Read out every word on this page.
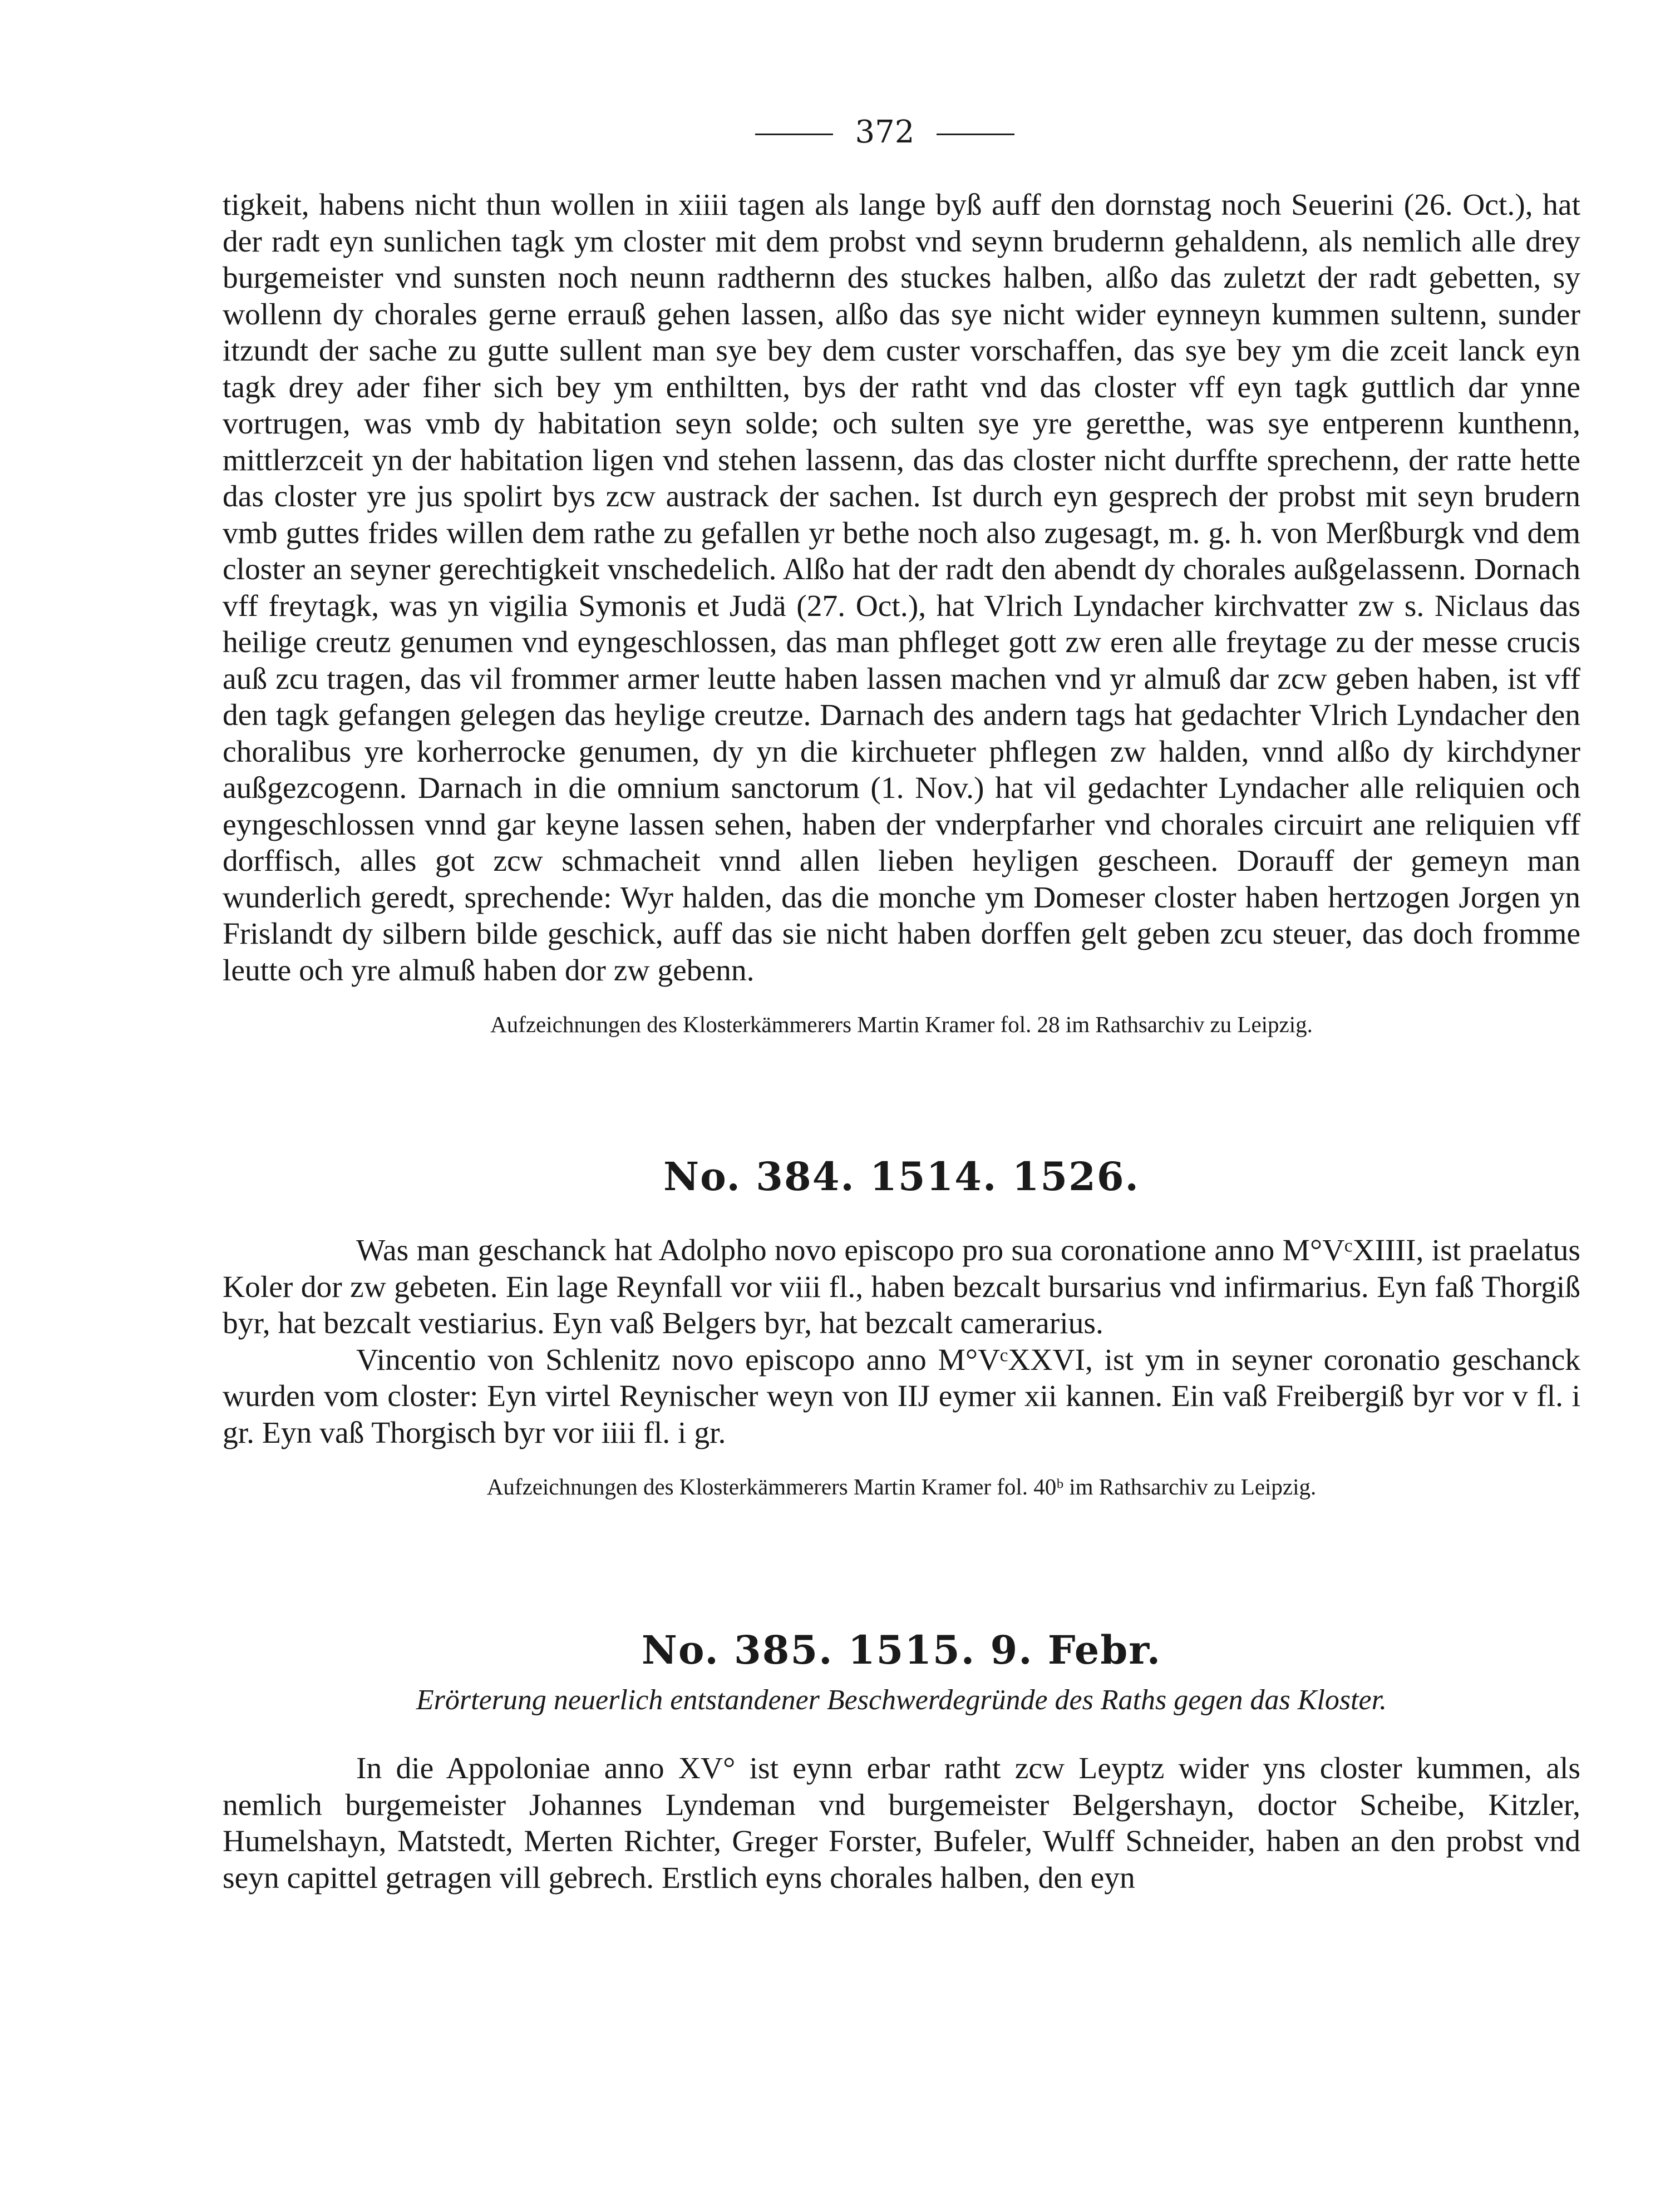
372

tigkeit, habens nicht thun wollen in xiiii tagen als lange byß auff den dornstag noch Seuerini (26. Oct.), hat der radt eyn sunlichen tagk ym closter mit dem probst vnd seynn brudernn gehaldenn, als nemlich alle drey burgemeister vnd sunsten noch neunn radthernn des stuckes halben, alßo das zuletzt der radt gebetten, sy wollenn dy chorales gerne errauß gehen lassen, alßo das sye nicht wider eynneyn kummen sultenn, sunder itzundt der sache zu gutte sullent man sye bey dem custer vorschaffen, das sye bey ym die zceit lanck eyn tagk drey ader fiher sich bey ym enthiltten, bys der ratht vnd das closter vff eyn tagk guttlich dar ynne vortrugen, was vmb dy habitation seyn solde; och sulten sye yre geretthe, was sye entperenn kunthenn, mittlerzceit yn der habitation ligen vnd stehen lassenn, das das closter nicht durffte sprechenn, der ratte hette das closter yre jus spolirt bys zcw austrack der sachen. Ist durch eyn gesprech der probst mit seyn brudern vmb guttes frides willen dem rathe zu gefallen yr bethe noch also zugesagt, m. g. h. von Merßburgk vnd dem closter an seyner gerechtigkeit vnschedelich. Alßo hat der radt den abendt dy chorales außgelassenn. Dornach vff freytagk, was yn vigilia Symonis et Judä (27. Oct.), hat Vlrich Lyndacher kirchvatter zw s. Niclaus das heilige creutz genumen vnd eyngeschlossen, das man phfleget gott zw eren alle freytage zu der messe crucis auß zcu tragen, das vil frommer armer leutte haben lassen machen vnd yr almuß dar zcw geben haben, ist vff den tagk gefangen gelegen das heylige creutze. Darnach des andern tags hat gedachter Vlrich Lyndacher den choralibus yre korherrocke genumen, dy yn die kirchueter phflegen zw halden, vnnd alßo dy kirchdyner außgezcogenn. Darnach in die omnium sanctorum (1. Nov.) hat vil gedachter Lyndacher alle reliquien och eyngeschlossen vnnd gar keyne lassen sehen, haben der vnderpfarher vnd chorales circuirt ane reliquien vff dorffisch, alles got zcw schmacheit vnnd allen lieben heyligen gescheen. Dorauff der gemeyn man wunderlich geredt, sprechende: Wyr halden, das die monche ym Domeser closter haben hertzogen Jorgen yn Frislandt dy silbern bilde geschick, auff das sie nicht haben dorffen gelt geben zcu steuer, das doch fromme leutte och yre almuß haben dor zw gebenn.

Aufzeichnungen des Klosterkämmerers Martin Kramer fol. 28 im Rathsarchiv zu Leipzig.

No. 384. 1514. 1526.

Was man geschanck hat Adolpho novo episcopo pro sua coronatione anno M°VᶜXIIII, ist praelatus Koler dor zw gebeten. Ein lage Reynfall vor viii fl., haben bezcalt bursarius vnd infirmarius. Eyn faß Thorgiß byr, hat bezcalt vestiarius. Eyn vaß Belgers byr, hat bezcalt camerarius.

Vincentio von Schlenitz novo episcopo anno M°VᶜXXVI, ist ym in seyner coronatio geschanck wurden vom closter: Eyn virtel Reynischer weyn von IIJ eymer xii kannen. Ein vaß Freibergiß byr vor v fl. i gr. Eyn vaß Thorgisch byr vor iiii fl. i gr.

Aufzeichnungen des Klosterkämmerers Martin Kramer fol. 40ᵇ im Rathsarchiv zu Leipzig.

No. 385. 1515. 9. Febr.

Erörterung neuerlich entstandener Beschwerdegründe des Raths gegen das Kloster.

In die Appoloniae anno XV° ist eynn erbar ratht zcw Leyptz wider yns closter kummen, als nemlich burgemeister Johannes Lyndeman vnd burgemeister Belgershayn, doctor Scheibe, Kitzler, Humelshayn, Matstedt, Merten Richter, Greger Forster, Bufeler, Wulff Schneider, haben an den probst vnd seyn capittel getragen vill gebrech. Erstlich eyns chorales halben, den eyn
